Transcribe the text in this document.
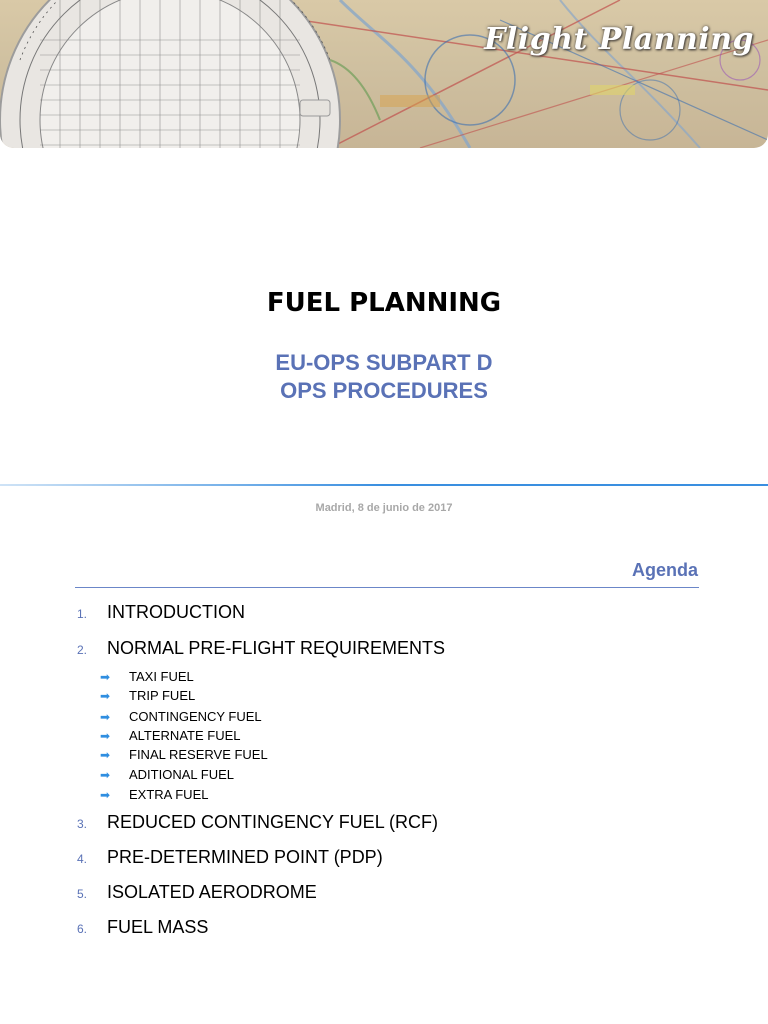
Flight Planning
FUEL PLANNING
EU-OPS SUBPART D
OPS PROCEDURES
Madrid, 8 de junio de 2017
Agenda
1. INTRODUCTION
2. NORMAL PRE-FLIGHT REQUIREMENTS
➡ TAXI FUEL
➡ TRIP FUEL
➡ CONTINGENCY FUEL
➡ ALTERNATE FUEL
➡ FINAL RESERVE FUEL
➡ ADITIONAL FUEL
➡ EXTRA FUEL
3. REDUCED CONTINGENCY FUEL (RCF)
4. PRE-DETERMINED POINT (PDP)
5. ISOLATED AERODROME
6. FUEL MASS
